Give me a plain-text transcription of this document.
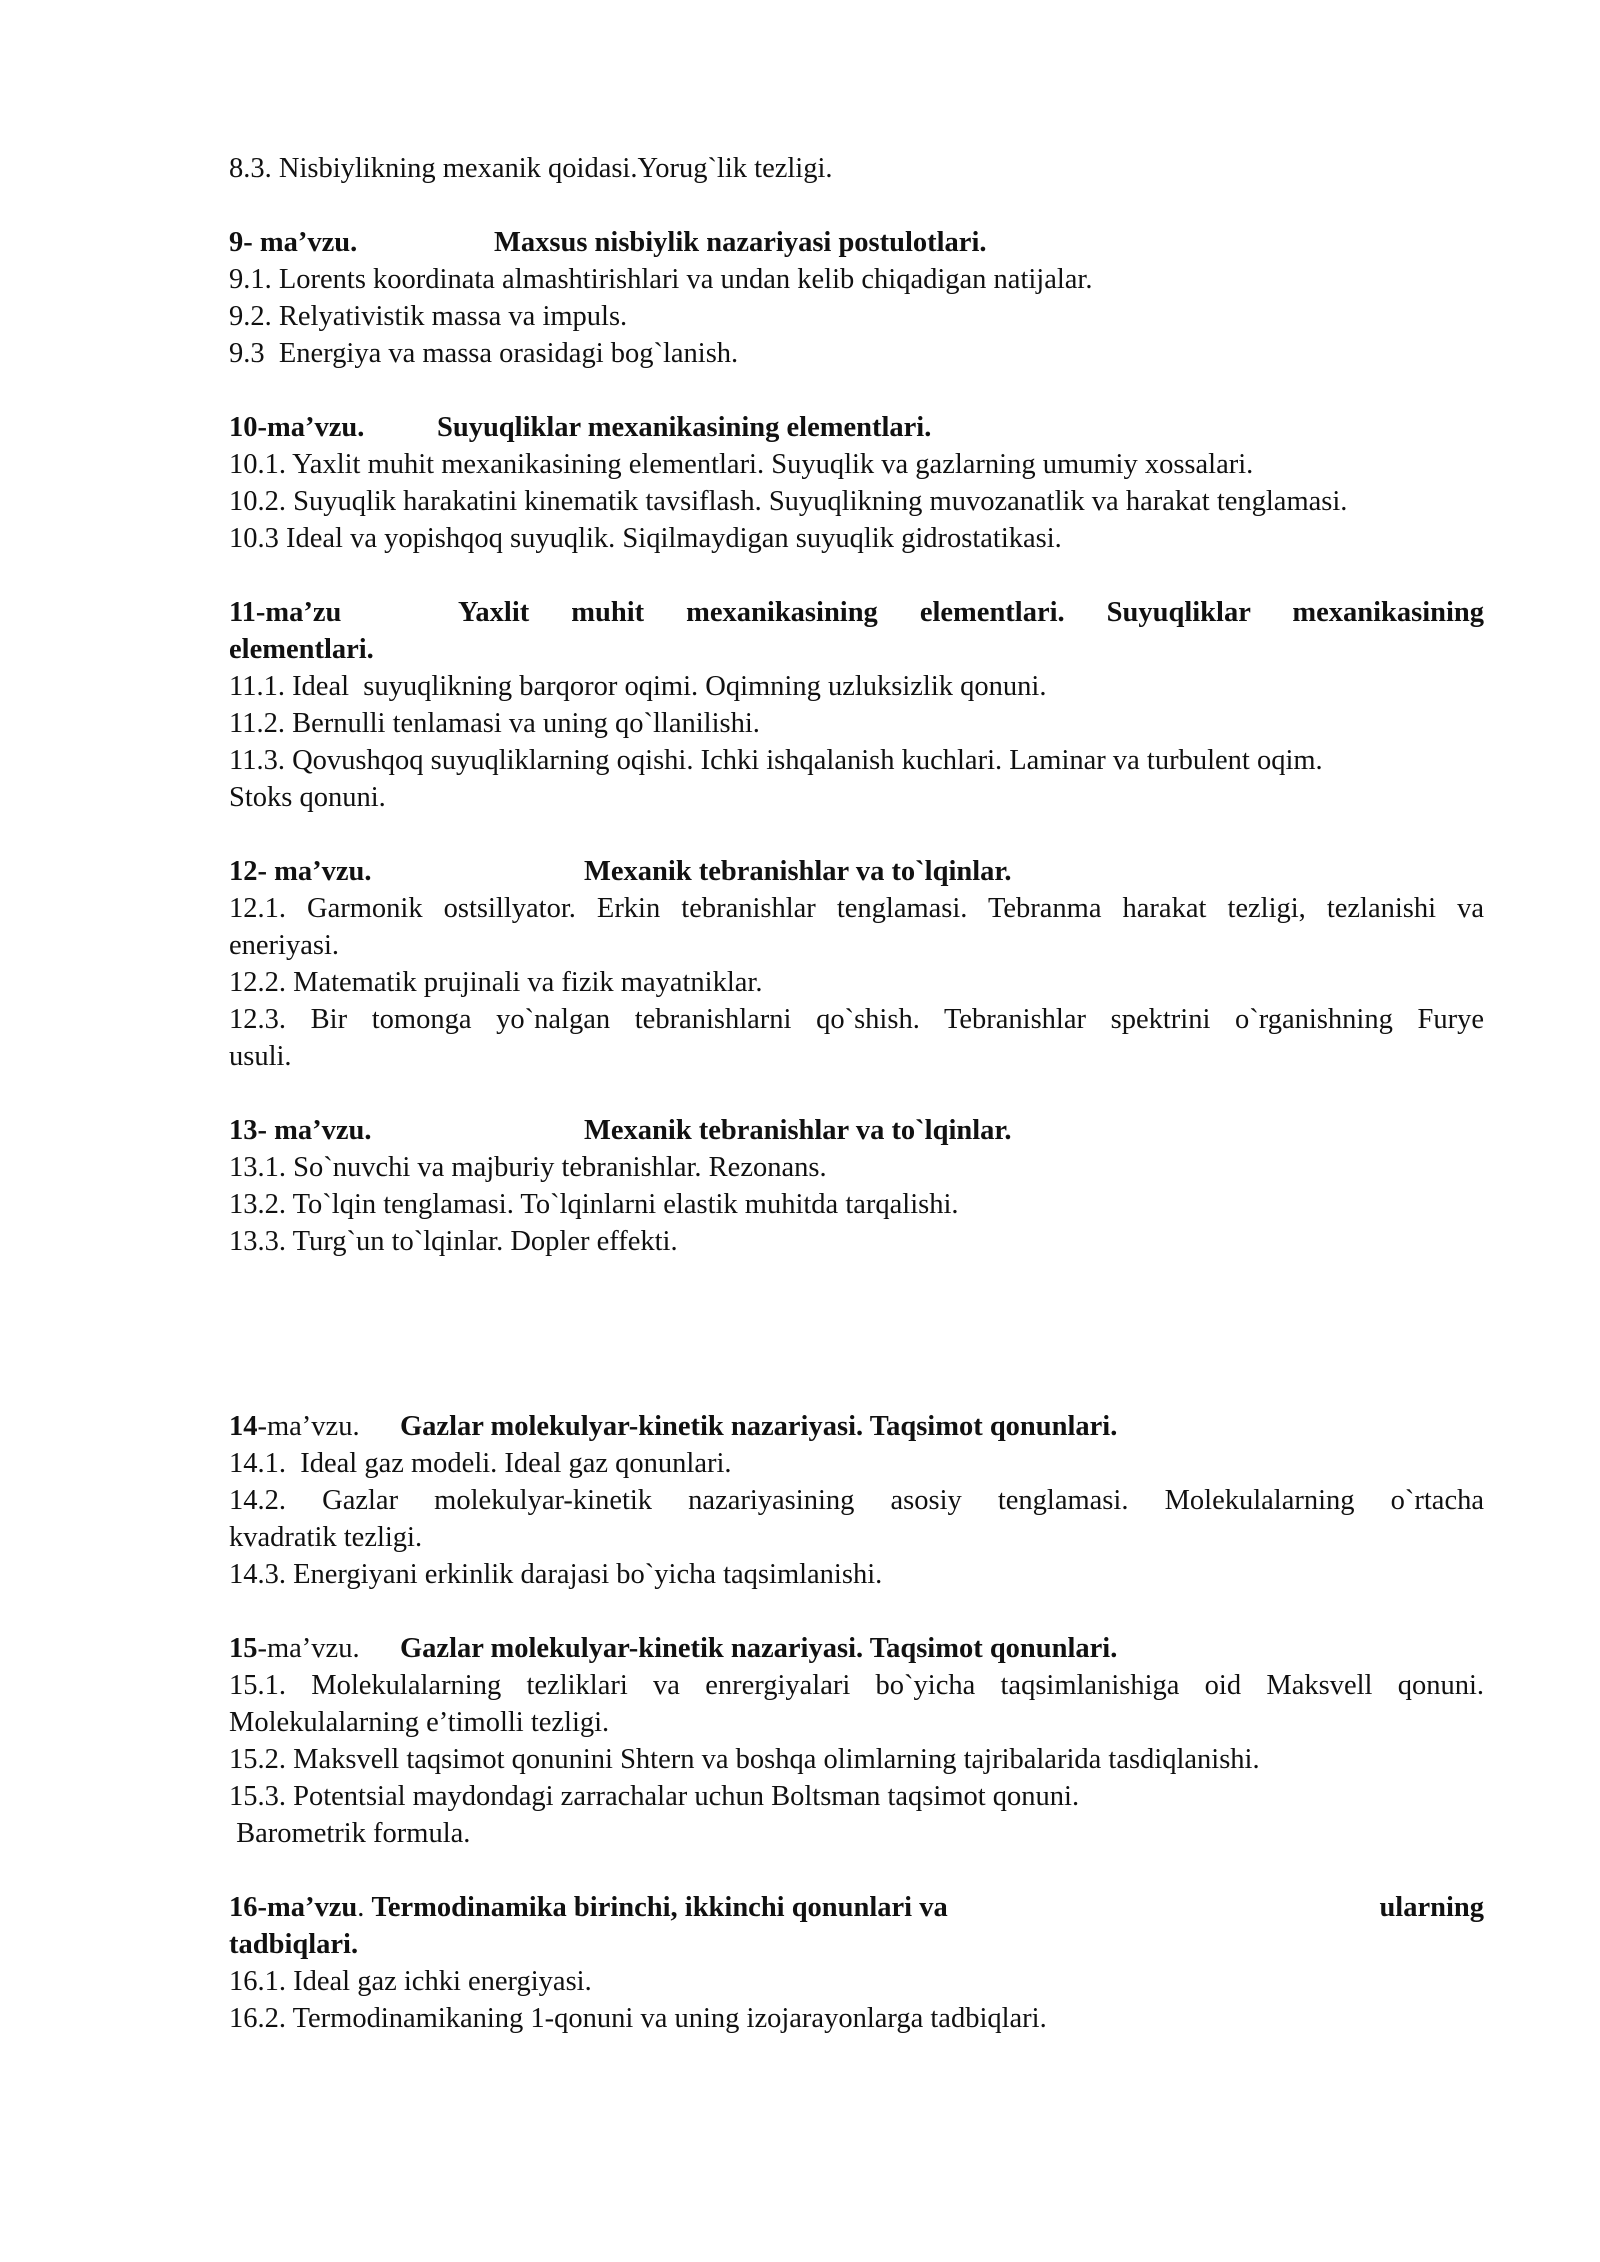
8.3. Nisbiylikning mexanik qoidasi.Yorug`lik tezligi.
9- ma’vzu.	Maxsus nisbiylik nazariyasi postulotlari.
9.1. Lorents koordinata almashtirishlari va undan kelib chiqadigan natijalar.
9.2. Relyativistik massa va impuls.
9.3  Energiya va massa orasidagi bog`lanish.
10-ma’vzu.	Suyuqliklar mexanikasining elementlari.
10.1. Yaxlit muhit mexanikasining elementlari. Suyuqlik va gazlarning umumiy xossalari.
10.2. Suyuqlik harakatini kinematik tavsiflash. Suyuqlikning muvozanatlik va harakat tenglamasi.
10.3 Ideal va yopishqoq suyuqlik. Siqilmaydigan suyuqlik gidrostatikasi.
11-ma’zu	Yaxlit muhit mexanikasining elementlari. Suyuqliklar mexanikasining
elementlari.
11.1. Ideal  suyuqlikning barqoror oqimi. Oqimning uzluksizlik qonuni.
11.2. Bernulli tenlamasi va uning qo`llanilishi.
11.3. Qovushqoq suyuqliklarning oqishi. Ichki ishqalanish kuchlari. Laminar va turbulent oqim.
Stoks qonuni.
12- ma’vzu.	Mexanik tebranishlar va to`lqinlar.
12.1. Garmonik ostsillyator. Erkin tebranishlar tenglamasi. Tebranma harakat tezligi, tezlanishi va
eneriyasi.
12.2. Matematik prujinali va fizik mayatniklar.
12.3. Bir tomonga yo`nalgan tebranishlarni qo`shish. Tebranishlar spektrini o`rganishning Furye
usuli.
13- ma’vzu.	Mexanik tebranishlar va to`lqinlar.
13.1. So`nuvchi va majburiy tebranishlar. Rezonans.
13.2. To`lqin tenglamasi. To`lqinlarni elastik muhitda tarqalishi.
13.3. Turg`un to`lqinlar. Dopler effekti.
14-ma’vzu.	Gazlar molekulyar-kinetik nazariyasi. Taqsimot qonunlari.
14.1.  Ideal gaz modeli. Ideal gaz qonunlari.
14.2.  Gazlar  molekulyar-kinetik  nazariyasining  asosiy  tenglamasi.  Molekulalarning  o`rtacha
kvadratik tezligi.
14.3. Energiyani erkinlik darajasi bo`yicha taqsimlanishi.
15-ma’vzu.	Gazlar molekulyar-kinetik nazariyasi. Taqsimot qonunlari.
15.1. Molekulalarning tezliklari va enrergiyalari bo`yicha taqsimlanishiga oid Maksvell qonuni.
Molekulalarning e’timolli tezligi.
15.2. Maksvell taqsimot qonunini Shtern va boshqa olimlarning tajribalarida tasdiqlanishi.
15.3. Potentsial maydondagi zarrachalar uchun Boltsman taqsimot qonuni.
Barometrik formula.
16-ma’vzu. Termodinamika birinchi, ikkinchi qonunlari va	ularning
tadbiqlari.
16.1. Ideal gaz ichki energiyasi.
16.2. Termodinamikaning 1-qonuni va uning izojarayonlarga tadbiqlari.
